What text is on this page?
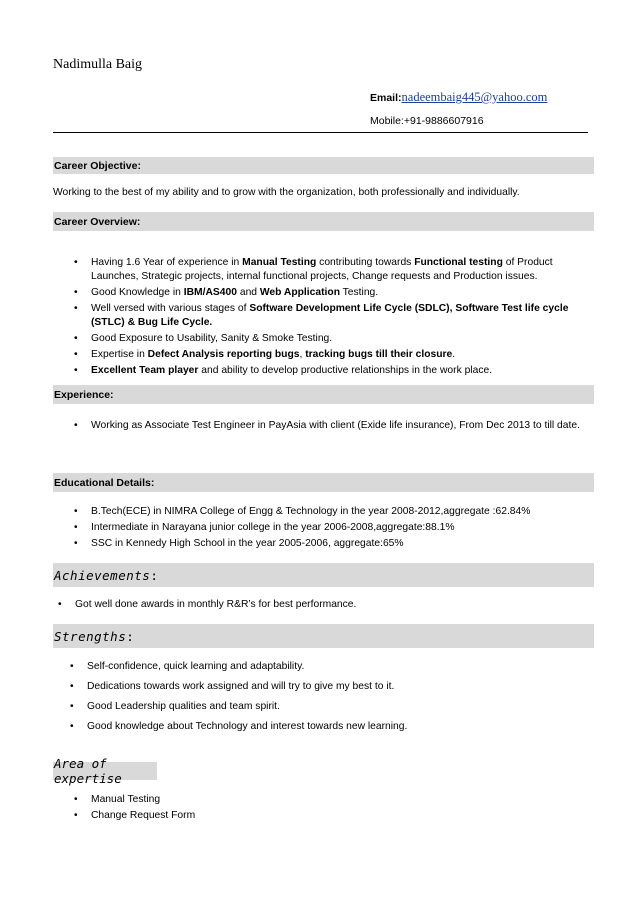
Nadimulla Baig
Email:nadeembaig445@yahoo.com
Mobile:+91-9886607916
Career Objective:
Working to the best of my ability and to grow with the organization, both professionally and individually.
Career Overview:
• Having 1.6 Year of experience in Manual Testing contributing towards Functional testing of Product Launches, Strategic projects, internal functional projects, Change requests and Production issues.
• Good Knowledge in IBM/AS400 and Web Application Testing.
• Well versed with various stages of Software Development Life Cycle (SDLC), Software Test life cycle (STLC) & Bug Life Cycle.
• Good Exposure to Usability, Sanity & Smoke Testing.
• Expertise in Defect Analysis reporting bugs, tracking bugs till their closure.
• Excellent Team player and ability to develop productive relationships in the work place.
Experience:
• Working as Associate Test Engineer in PayAsia with client (Exide life insurance), From Dec 2013 to till date.
Educational Details:
• B.Tech(ECE) in NIMRA College of Engg & Technology in the year 2008-2012,aggregate :62.84%
• Intermediate in Narayana junior college in the year 2006-2008,aggregate:88.1%
• SSC in Kennedy High School in the year 2005-2006, aggregate:65%
Achievements :
• Got well done awards in monthly R&R’s for best performance.
Strengths :
• Self-confidence, quick learning and adaptability.
• Dedications towards work assigned and will try to give my best to it.
• Good Leadership qualities and team spirit.
• Good knowledge about Technology and interest towards new learning.
Area of expertise
• Manual Testing
• Change Request Form
